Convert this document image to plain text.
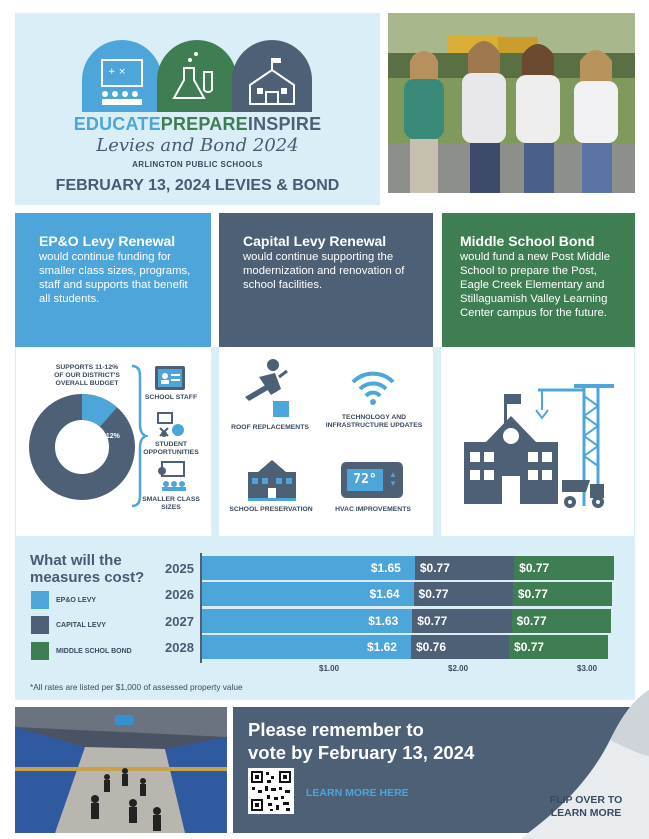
+ ×
EDUCATEPREPAREINSPIRE
Levies and Bond 2024
ARLINGTON PUBLIC SCHOOLS
FEBRUARY 13, 2024 LEVIES & BOND
EP&O Levy Renewal

would continue funding for smaller class sizes, programs, staff and supports that benefit all students.

Capital Levy Renewal

would continue supporting the modernization and renovation of school facilities.

Middle School Bond

would fund a new Post Middle School to prepare the Post, Eagle Creek Elementary and Stillaguamish Valley Learning Center campus for the future.

SUPPORTS 11-12%
OF OUR DISTRICT'S
OVERALL BUDGET
11-12%
SCHOOL STAFF
STUDENT OPPORTUNITIES
SMALLER CLASS SIZES
ROOF REPLACEMENTS
TECHNOLOGY AND INFRASTRUCTURE UPDATES
SCHOOL PRESERVATION
72°	▲
▼
HVAC IMPROVEMENTS
What will the measures cost?
EP&O LEVY
CAPITAL LEVY
MIDDLE SCHOL BOND
2025	$1.65	$0.77	$0.77
2026	$1.64	$0.77	$0.77
2027	$1.63	$0.77	$0.77
2028	$1.62	$0.76	$0.77
$1.00	$2.00	$3.00
*All rates are listed per $1,000 of assessed property value
Please remember to
vote by February 13, 2024
LEARN MORE HERE
FLIP OVER TO
LEARN MORE
